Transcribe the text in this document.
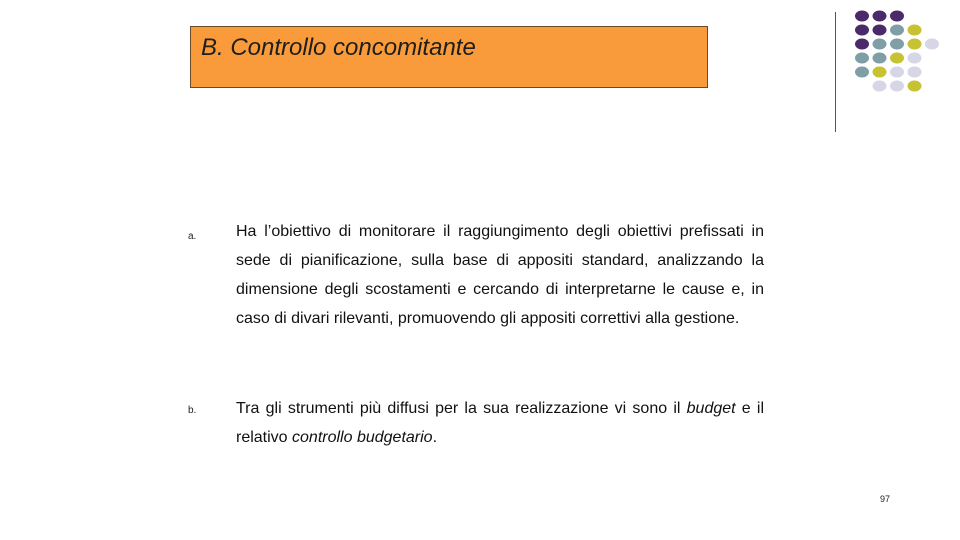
B. Controllo concomitante
a. Ha l’obiettivo di monitorare il raggiungimento degli obiettivi prefissati in sede di pianificazione, sulla base di appositi standard, analizzando la dimensione degli scostamenti e cercando di interpretarne le cause e, in caso di divari rilevanti, promuovendo gli appositi correttivi alla gestione.

b. Tra gli strumenti più diffusi per la sua realizzazione vi sono il budget e il relativo controllo budgetario.

97
